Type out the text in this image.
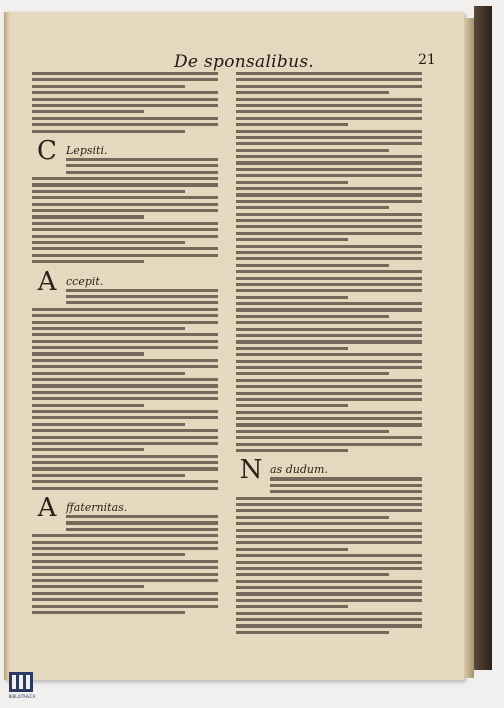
De sponsalibus.	21
C Lepsiti.
A ccepit.
A ffaternitas.
N as dudum.
BIBLIOTHECA
